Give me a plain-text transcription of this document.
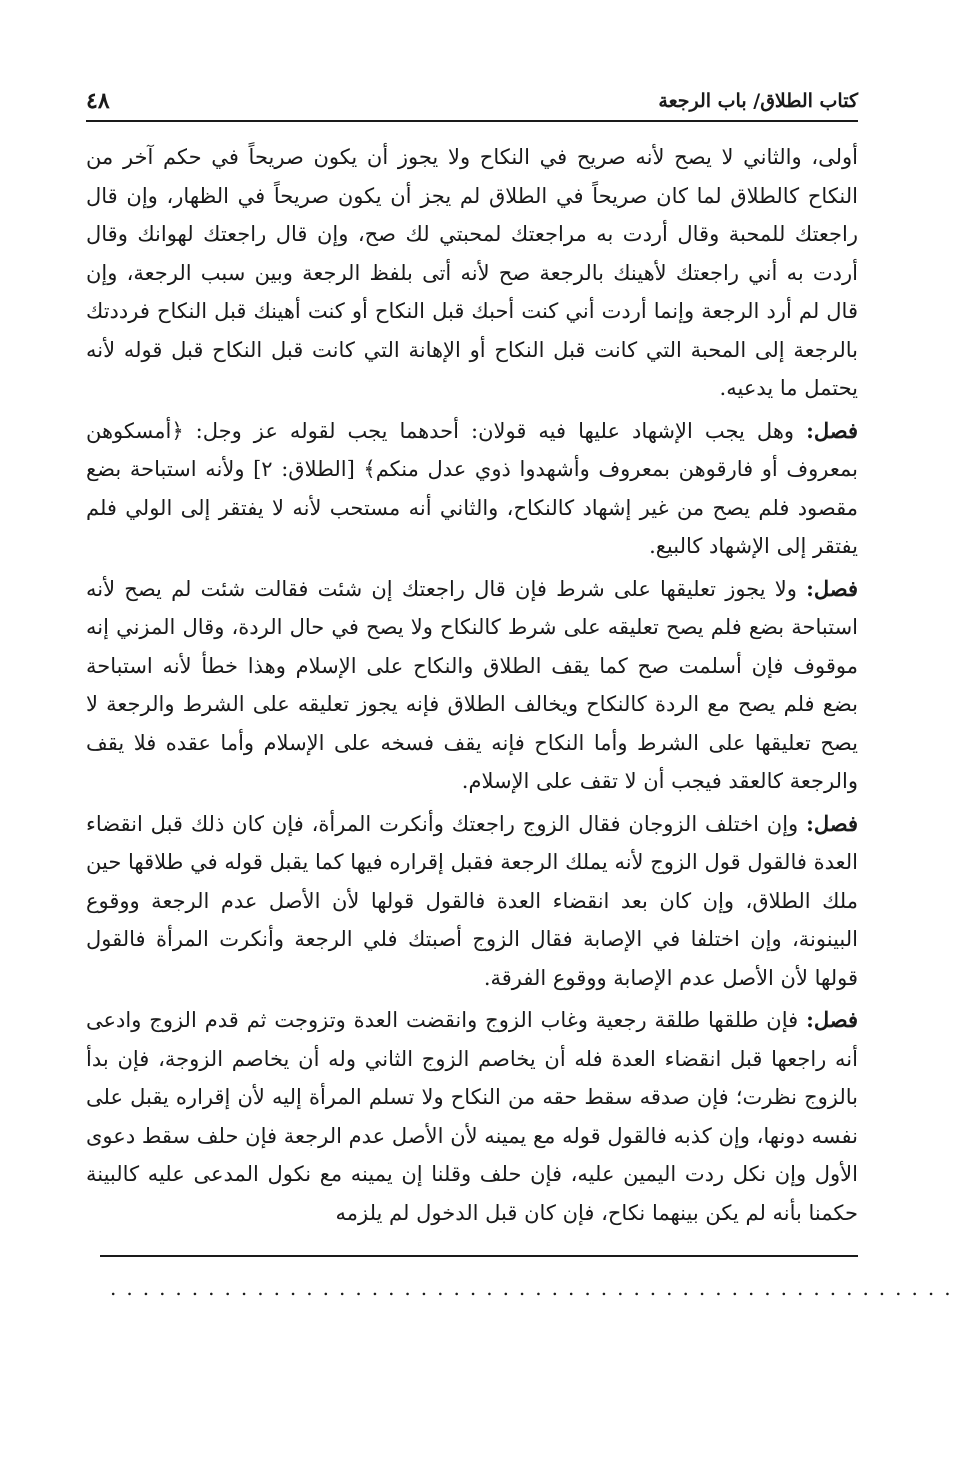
٤٨	كتاب الطلاق/ باب الرجعة

أولى، والثاني لا يصح لأنه صريح في النكاح ولا يجوز أن يكون صريحاً في حكم آخر من النكاح كالطلاق لما كان صريحاً في الطلاق لم يجز أن يكون صريحاً في الظهار، وإن قال راجعتك للمحبة وقال أردت به مراجعتك لمحبتي لك صح، وإن قال راجعتك لهوانك وقال أردت به أني راجعتك لأهينك بالرجعة صح لأنه أتى بلفظ الرجعة وبين سبب الرجعة، وإن قال لم أرد الرجعة وإنما أردت أني كنت أحبك قبل النكاح أو كنت أهينك قبل النكاح فرددتك بالرجعة إلى المحبة التي كانت قبل النكاح أو الإهانة التي كانت قبل النكاح قبل قوله لأنه يحتمل ما يدعيه.

فصل: وهل يجب الإشهاد عليها فيه قولان: أحدهما يجب لقوله عز وجل: ﴿أمسكوهن بمعروف أو فارقوهن بمعروف وأشهدوا ذوي عدل منكم﴾ [الطلاق: ٢] ولأنه استباحة بضع مقصود فلم يصح من غير إشهاد كالنكاح، والثاني أنه مستحب لأنه لا يفتقر إلى الولي فلم يفتقر إلى الإشهاد كالبيع.

فصل: ولا يجوز تعليقها على شرط فإن قال راجعتك إن شئت فقالت شئت لم يصح لأنه استباحة بضع فلم يصح تعليقه على شرط كالنكاح ولا يصح في حال الردة، وقال المزني إنه موقوف فإن أسلمت صح كما يقف الطلاق والنكاح على الإسلام وهذا خطأ لأنه استباحة بضع فلم يصح مع الردة كالنكاح ويخالف الطلاق فإنه يجوز تعليقه على الشرط والرجعة لا يصح تعليقها على الشرط وأما النكاح فإنه يقف فسخه على الإسلام وأما عقده فلا يقف والرجعة كالعقد فيجب أن لا تقف على الإسلام.

فصل: وإن اختلف الزوجان فقال الزوج راجعتك وأنكرت المرأة، فإن كان ذلك قبل انقضاء العدة فالقول قول الزوج لأنه يملك الرجعة فقبل إقراره فيها كما يقبل قوله في طلاقها حين ملك الطلاق، وإن كان بعد انقضاء العدة فالقول قولها لأن الأصل عدم الرجعة ووقوع البينونة، وإن اختلفا في الإصابة فقال الزوج أصبتك فلي الرجعة وأنكرت المرأة فالقول قولها لأن الأصل عدم الإصابة ووقوع الفرقة.

فصل: فإن طلقها طلقة رجعية وغاب الزوج وانقضت العدة وتزوجت ثم قدم الزوج وادعى أنه راجعها قبل انقضاء العدة فله أن يخاصم الزوج الثاني وله أن يخاصم الزوجة، فإن بدأ بالزوج نظرت؛ فإن صدقه سقط حقه من النكاح ولا تسلم المرأة إليه لأن إقراره يقبل على نفسه دونها، وإن كذبه فالقول قوله مع يمينه لأن الأصل عدم الرجعة فإن حلف سقط دعوى الأول وإن نكل ردت اليمين عليه، فإن حلف وقلنا إن يمينه مع نكول المدعى عليه كالبينة حكمنا بأنه لم يكن بينهما نكاح، فإن كان قبل الدخول لم يلزمه

....................................................
